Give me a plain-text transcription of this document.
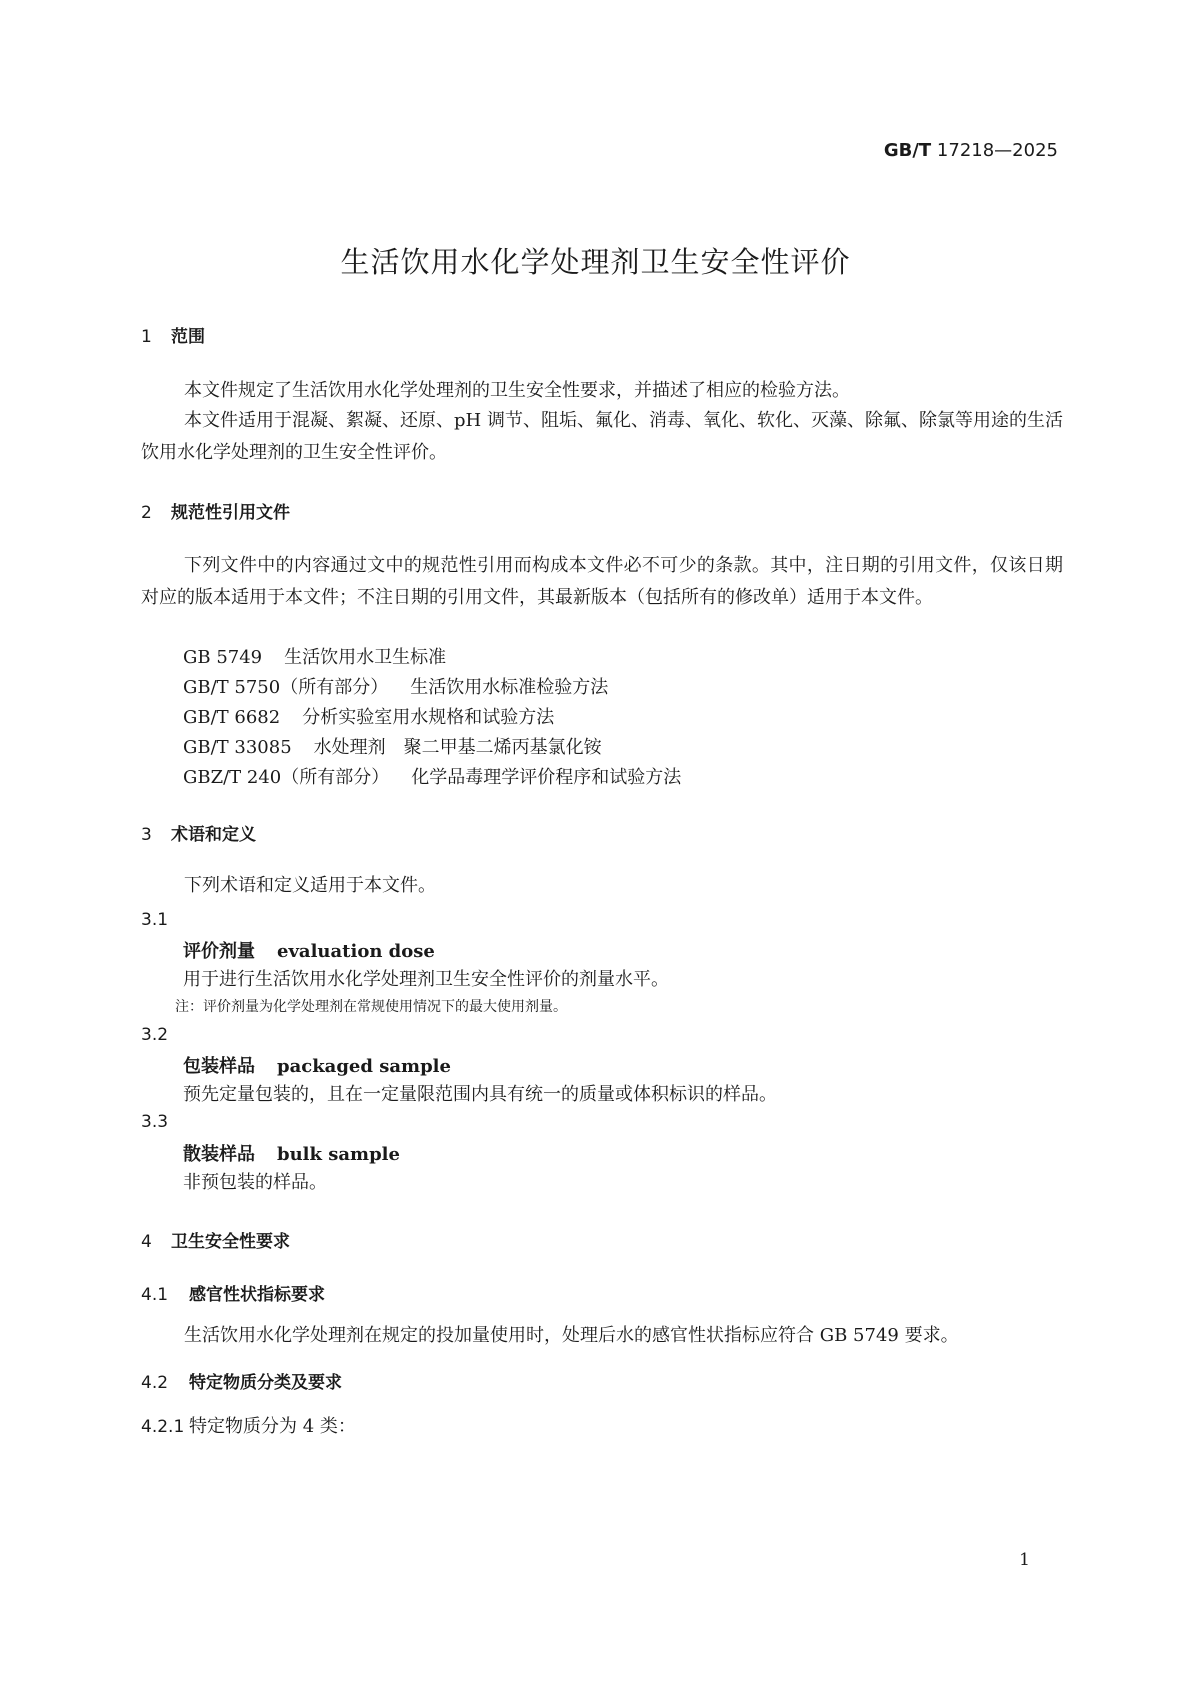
GB/T 17218—2025
生活饮用水化学处理剂卫生安全性评价
1 范围
本文件规定了生活饮用水化学处理剂的卫生安全性要求，并描述了相应的检验方法。
本文件适用于混凝、絮凝、还原、pH 调节、阻垢、氟化、消毒、氧化、软化、灭藻、除氟、除氯等用途的生活饮用水化学处理剂的卫生安全性评价。
2 规范性引用文件
下列文件中的内容通过文中的规范性引用而构成本文件必不可少的条款。其中，注日期的引用文件，仅该日期对应的版本适用于本文件；不注日期的引用文件，其最新版本（包括所有的修改单）适用于本文件。
GB 5749 生活饮用水卫生标准
GB/T 5750（所有部分） 生活饮用水标准检验方法
GB/T 6682 分析实验室用水规格和试验方法
GB/T 33085 水处理剂　聚二甲基二烯丙基氯化铵
GBZ/T 240（所有部分） 化学品毒理学评价程序和试验方法
3 术语和定义
下列术语和定义适用于本文件。
3.1
评价剂量 evaluation dose
用于进行生活饮用水化学处理剂卫生安全性评价的剂量水平。
注：评价剂量为化学处理剂在常规使用情况下的最大使用剂量。
3.2
包装样品 packaged sample
预先定量包装的，且在一定量限范围内具有统一的质量或体积标识的样品。
3.3
散装样品 bulk sample
非预包装的样品。
4 卫生安全性要求
4.1 感官性状指标要求
生活饮用水化学处理剂在规定的投加量使用时，处理后水的感官性状指标应符合 GB 5749 要求。
4.2 特定物质分类及要求
4.2.1 特定物质分为 4 类：
1
